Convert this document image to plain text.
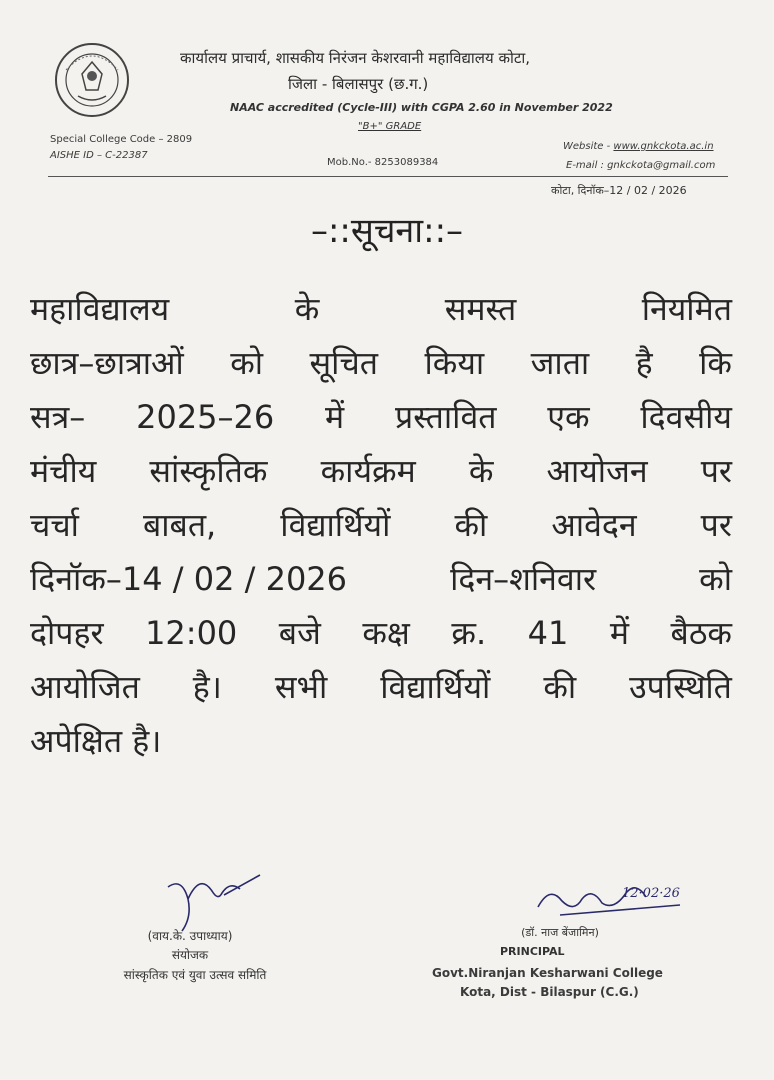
कार्यालय प्राचार्य, शासकीय निरंजन केशरवानी महाविद्यालय कोटा,
जिला - बिलासपुर (छ.ग.)
NAAC accredited (Cycle-III) with CGPA 2.60 in November 2022
"B+" GRADE
Special College Code – 2809
AISHE ID – C-22387
Mob.No.- 8253089384
Website - www.gnkckota.ac.in
E-mail : gnkckota@gmail.com
कोटा, दिनॉक–12 / 02 / 2026
–::सूचना::–
महाविद्यालय	के	समस्त	नियमित
छात्र–छात्राओं को सूचित किया जाता है कि
सत्र– 2025–26 में प्रस्तावित एक दिवसीय
मंचीय सांस्कृतिक कार्यक्रम के आयोजन पर
चर्चा बाबत, विद्यार्थियों की आवेदन पर
दिनॉक–14 / 02 / 2026	दिन–शनिवार	को
दोपहर 12:00 बजे कक्ष क्र. 41 में बैठक
आयोजित है। सभी विद्यार्थियों की उपस्थिति
अपेक्षित है।
12·02·26
(वाय.के. उपाध्याय)
संयोजक
सांस्कृतिक एवं युवा उत्सव समिति
(डॉ. नाज बेंजामिन)
PRINCIPAL
Govt.Niranjan Kesharwani College
Kota, Dist - Bilaspur (C.G.)
